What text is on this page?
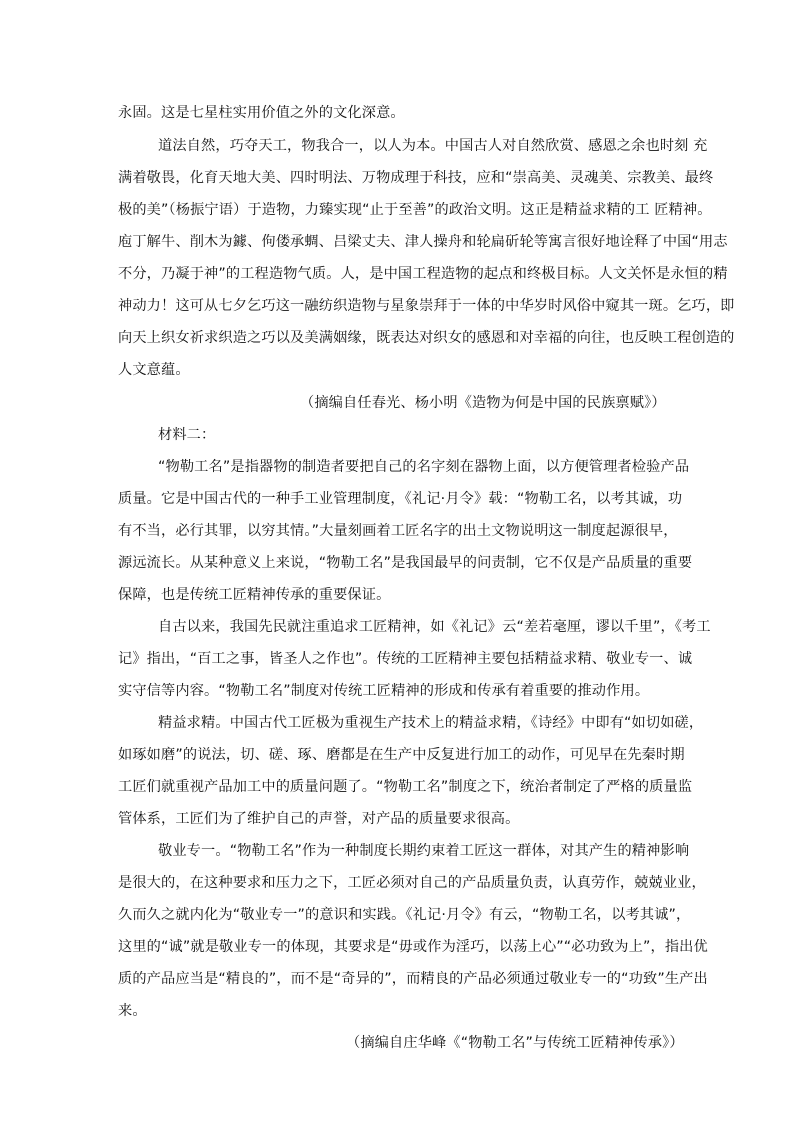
永固。这是七星柱实用价值之外的文化深意。
道法自然，巧夺天工，物我合一，以人为本。中国古人对自然欣赏、感恩之余也时刻 充
满着敬畏，化育天地大美、四时明法、万物成理于科技，应和“崇高美、灵魂美、宗教美、最终
极的美”（杨振宁语）于造物，力臻实现“止于至善”的政治文明。这正是精益求精的工 匠精神。
庖丁解牛、削木为鐻、佝偻承蜩、吕梁丈夫、津人操舟和轮扁斫轮等寓言很好地诠释了中国“用志
不分，乃凝于神”的工程造物气质。人，是中国工程造物的起点和终极目标。人文关怀是永恒的精
神动力！这可从七夕乞巧这一融纺织造物与星象崇拜于一体的中华岁时风俗中窥其一斑。乞巧，即
向天上织女祈求织造之巧以及美满姻缘，既表达对织女的感恩和对幸福的向往，也反映工程创造的
人文意蕴。
（摘编自任春光、杨小明《造物为何是中国的民族禀赋》）
材料二：
“物勒工名”是指器物的制造者要把自己的名字刻在器物上面，以方便管理者检验产品
质量。它是中国古代的一种手工业管理制度，《礼记·月令》载：“物勒工名，以考其诚，功
有不当，必行其罪，以穷其情。”大量刻画着工匠名字的出土文物说明这一制度起源很早，
源远流长。从某种意义上来说，“物勒工名”是我国最早的问责制，它不仅是产品质量的重要
保障，也是传统工匠精神传承的重要保证。
自古以来，我国先民就注重追求工匠精神，如《礼记》云“差若毫厘，谬以千里”，《考工
记》指出，“百工之事，皆圣人之作也”。传统的工匠精神主要包括精益求精、敬业专一、诚
实守信等内容。“物勒工名”制度对传统工匠精神的形成和传承有着重要的推动作用。
精益求精。中国古代工匠极为重视生产技术上的精益求精，《诗经》中即有“如切如磋，
如琢如磨”的说法，切、磋、琢、磨都是在生产中反复进行加工的动作，可见早在先秦时期
工匠们就重视产品加工中的质量问题了。“物勒工名”制度之下，统治者制定了严格的质量监
管体系，工匠们为了维护自己的声誉，对产品的质量要求很高。
敬业专一。“物勒工名”作为一种制度长期约束着工匠这一群体，对其产生的精神影响
是很大的，在这种要求和压力之下，工匠必须对自己的产品质量负责，认真劳作，兢兢业业，
久而久之就内化为“敬业专一”的意识和实践。《礼记·月令》有云，“物勒工名，以考其诚”，
这里的“诚”就是敬业专一的体现，其要求是“毋或作为淫巧，以荡上心”“必功致为上”，指出优
质的产品应当是“精良的”，而不是“奇异的”，而精良的产品必须通过敬业专一的“功致”生产出
来。
（摘编自庄华峰《“物勒工名”与传统工匠精神传承》）
